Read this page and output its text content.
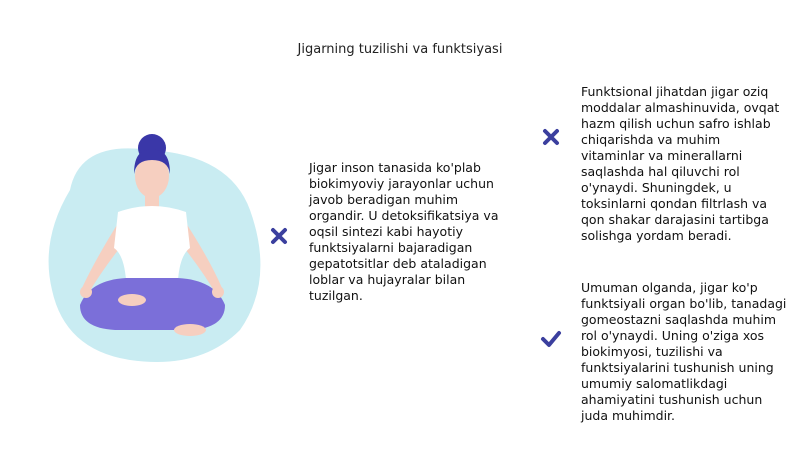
Jigarning tuzilishi va funktsiyasi
Jigar inson tanasida ko'plab biokimyoviy jarayonlar uchun javob beradigan muhim organdir. U detoksifikatsiya va oqsil sintezi kabi hayotiy funktsiyalarni bajaradigan gepatotsitlar deb ataladigan loblar va hujayralar bilan tuzilgan.
Funktsional jihatdan jigar oziq moddalar almashinuvida, ovqat hazm qilish uchun safro ishlab chiqarishda va muhim vitaminlar va minerallarni saqlashda hal qiluvchi rol o'ynaydi. Shuningdek, u toksinlarni qondan filtrlash va qon shakar darajasini tartibga solishga yordam beradi.
Umuman olganda, jigar ko'p funktsiyali organ bo'lib, tanadagi gomeostazni saqlashda muhim rol o'ynaydi. Uning o'ziga xos biokimyosi, tuzilishi va funktsiyalarini tushunish uning umumiy salomatlikdagi ahamiyatini tushunish uchun juda muhimdir.
